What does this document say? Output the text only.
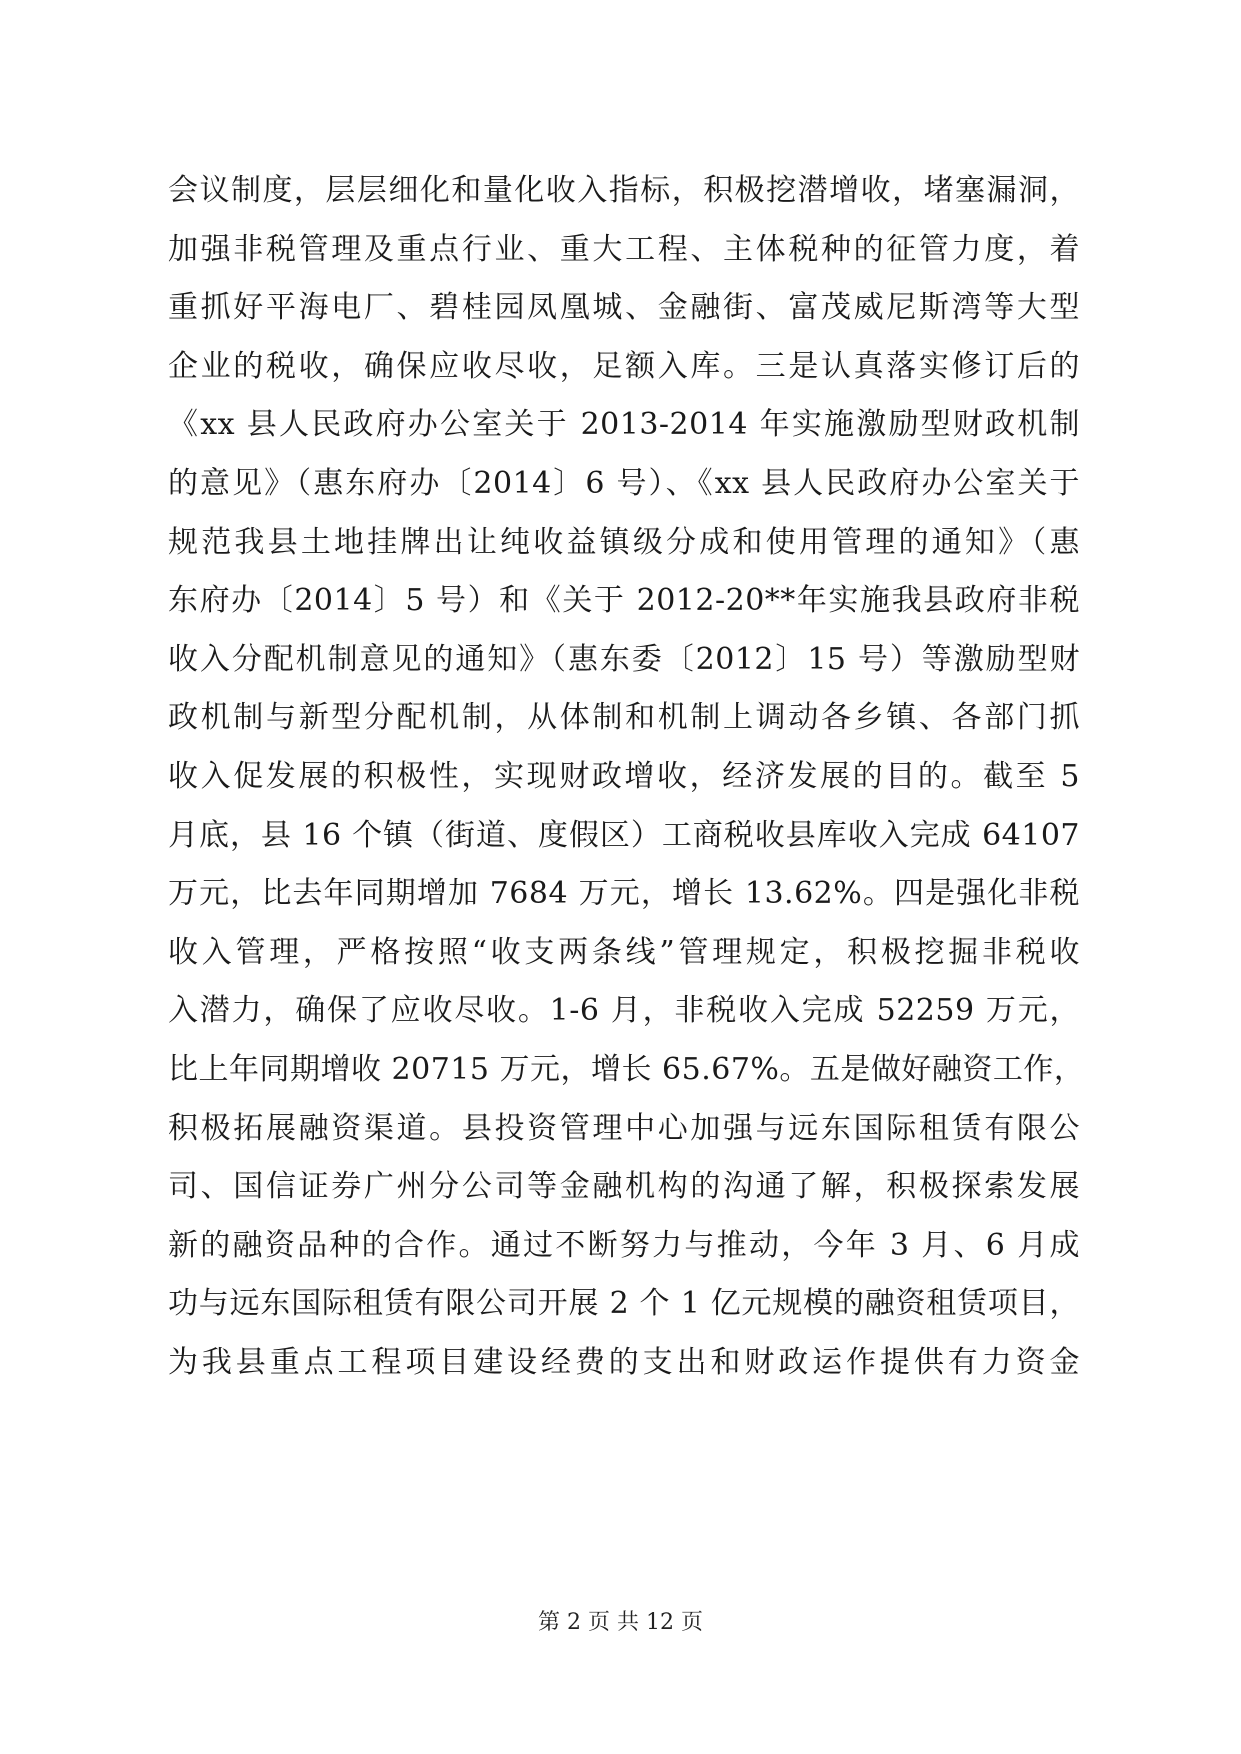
会议制度，层层细化和量化收入指标，积极挖潜增收，堵塞漏洞，
加强非税管理及重点行业、重大工程、主体税种的征管力度，着
重抓好平海电厂、碧桂园凤凰城、金融街、富茂威尼斯湾等大型
企业的税收，确保应收尽收，足额入库。三是认真落实修订后的
《xx 县人民政府办公室关于 2013-2014 年实施激励型财政机制
的意见》（惠东府办〔2014〕6 号）、《xx 县人民政府办公室关于
规范我县土地挂牌出让纯收益镇级分成和使用管理的通知》（惠
东府办〔2014〕5 号）和《关于 2012-20**年实施我县政府非税
收入分配机制意见的通知》（惠东委〔2012〕15 号）等激励型财
政机制与新型分配机制，从体制和机制上调动各乡镇、各部门抓
收入促发展的积极性，实现财政增收，经济发展的目的。截至 5
月底，县 16 个镇（街道、度假区）工商税收县库收入完成 64107
万元，比去年同期增加 7684 万元，增长 13.62%。四是强化非税
收入管理，严格按照“收支两条线”管理规定，积极挖掘非税收
入潜力，确保了应收尽收。1-6 月，非税收入完成 52259 万元，
比上年同期增收 20715 万元，增长 65.67%。五是做好融资工作，
积极拓展融资渠道。县投资管理中心加强与远东国际租赁有限公
司、国信证券广州分公司等金融机构的沟通了解，积极探索发展
新的融资品种的合作。通过不断努力与推动，今年 3 月、6 月成
功与远东国际租赁有限公司开展 2 个 1 亿元规模的融资租赁项目，
为我县重点工程项目建设经费的支出和财政运作提供有力资金
第 2 页 共 12 页
